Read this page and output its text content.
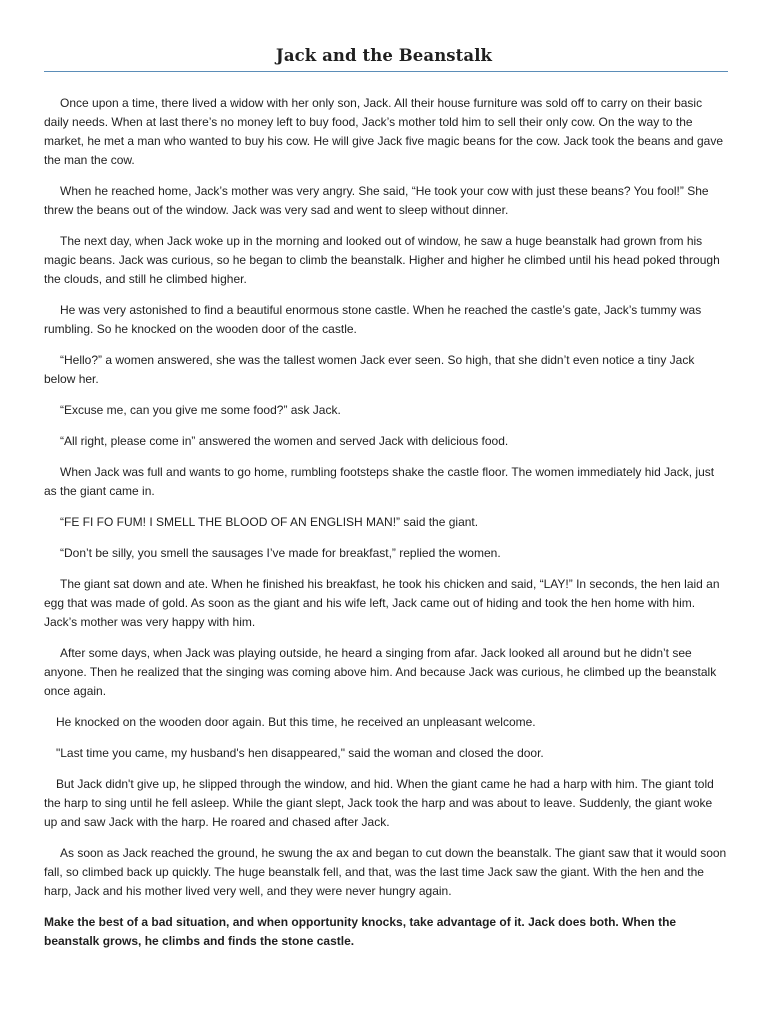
Jack and the Beanstalk

Once upon a time, there lived a widow with her only son, Jack. All their house furniture was sold off to carry on their basic daily needs. When at last there’s no money left to buy food, Jack’s mother told him to sell their only cow. On the way to the market, he met a man who wanted to buy his cow. He will give Jack five magic beans for the cow. Jack took the beans and gave the man the cow.

When he reached home, Jack’s mother was very angry. She said, “He took your cow with just these beans? You fool!” She threw the beans out of the window. Jack was very sad and went to sleep without dinner.

The next day, when Jack woke up in the morning and looked out of window, he saw a huge beanstalk had grown from his magic beans. Jack was curious, so he began to climb the beanstalk. Higher and higher he climbed until his head poked through the clouds, and still he climbed higher.

He was very astonished to find a beautiful enormous stone castle. When he reached the castle’s gate, Jack’s tummy was rumbling. So he knocked on the wooden door of the castle.

“Hello?” a women answered, she was the tallest women Jack ever seen. So high, that she didn’t even notice a tiny Jack below her.

“Excuse me, can you give me some food?” ask Jack.

“All right, please come in” answered the women and served Jack with delicious food.

When Jack was full and wants to go home, rumbling footsteps shake the castle floor. The women immediately hid Jack, just as the giant came in.

“FE FI FO FUM! I SMELL THE BLOOD OF AN ENGLISH MAN!” said the giant.

“Don’t be silly, you smell the sausages I’ve made for breakfast,” replied the women.

The giant sat down and ate. When he finished his breakfast, he took his chicken and said, “LAY!” In seconds, the hen laid an egg that was made of gold. As soon as the giant and his wife left, Jack came out of hiding and took the hen home with him. Jack’s mother was very happy with him.

After some days, when Jack was playing outside, he heard a singing from afar. Jack looked all around but he didn’t see anyone. Then he realized that the singing was coming above him. And because Jack was curious, he climbed up the beanstalk once again.

He knocked on the wooden door again. But this time, he received an unpleasant welcome.

"Last time you came, my husband's hen disappeared," said the woman and closed the door.

But Jack didn't give up, he slipped through the window, and hid. When the giant came he had a harp with him. The giant told the harp to sing until he fell asleep. While the giant slept, Jack took the harp and was about to leave. Suddenly, the giant woke up and saw Jack with the harp. He roared and chased after Jack.

As soon as Jack reached the ground, he swung the ax and began to cut down the beanstalk. The giant saw that it would soon fall, so climbed back up quickly. The huge beanstalk fell, and that, was the last time Jack saw the giant. With the hen and the harp, Jack and his mother lived very well, and they were never hungry again.

Make the best of a bad situation, and when opportunity knocks, take advantage of it. Jack does both. When the beanstalk grows, he climbs and finds the stone castle.
